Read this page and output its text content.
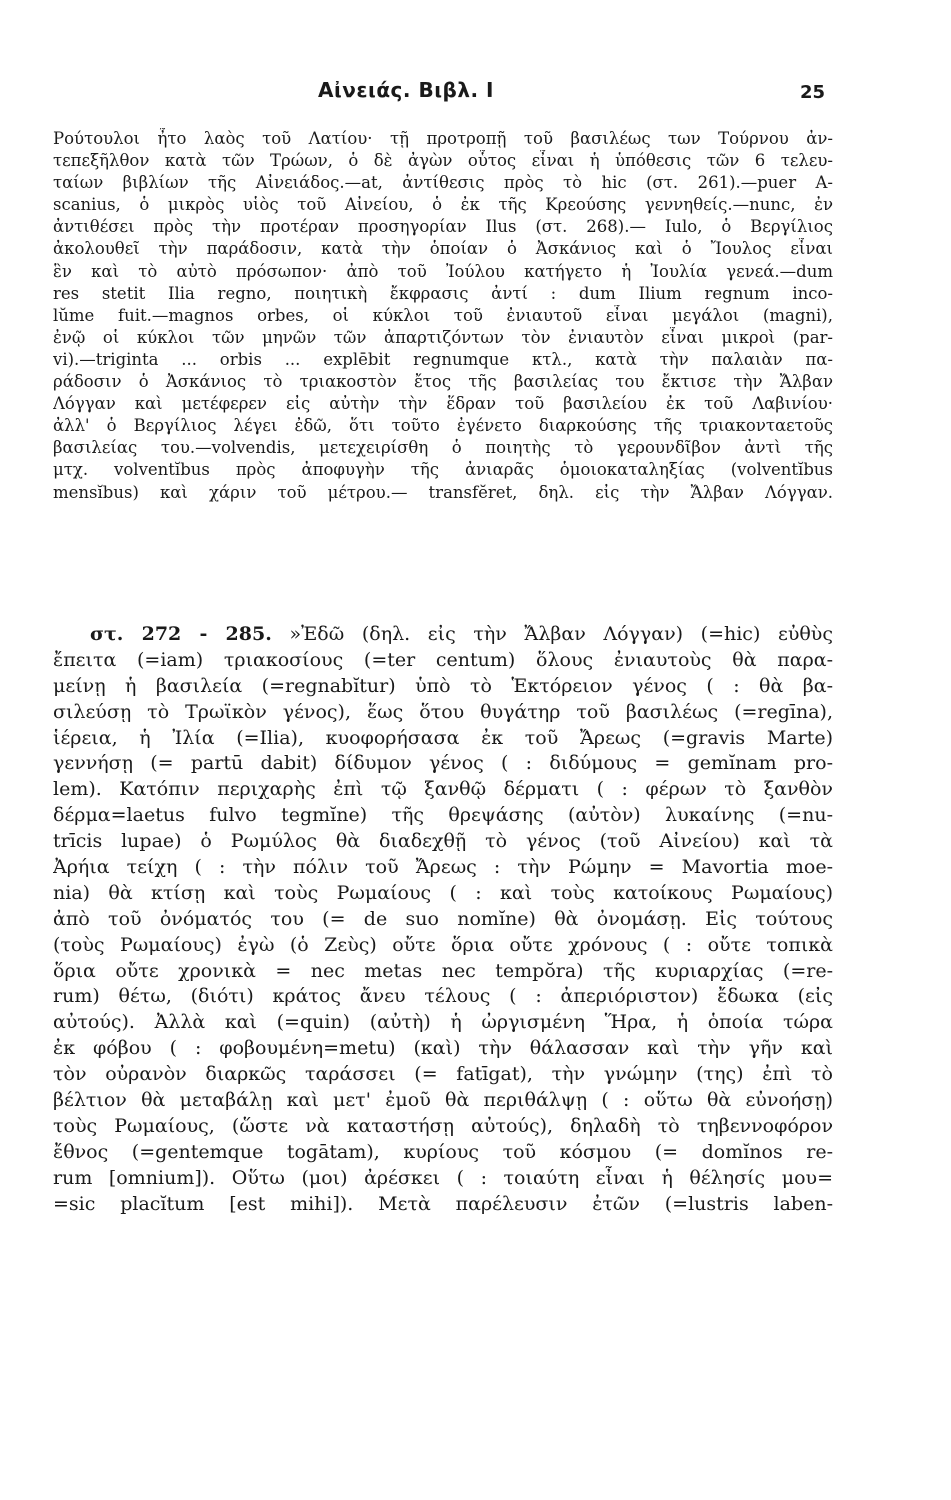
Αἰνειάς. Βιβλ. Ι	25
Ρούτουλοι ἦτο λαὸς τοῦ Λατίου· τῇ προτροπῇ τοῦ βασιλέως των Τούρνου ἀν-
τεπεξῆλθον κατὰ τῶν Τρώων, ὁ δὲ ἀγὼν οὗτος εἶναι ἡ ὑπόθεσις τῶν 6 τελευ-
ταίων βιβλίων τῆς Αἰνειάδος.—at, ἀντίθεσις πρὸς τὸ hic (στ. 261).—puer A-
scanius, ὁ μικρὸς υἱὸς τοῦ Αἰνείου, ὁ ἐκ τῆς Κρεούσης γεννηθείς.—nunc, ἐν
ἀντιθέσει πρὸς τὴν προτέραν προσηγορίαν Ilus (στ. 268).— Iulo, ὁ Βεργίλιος
ἀκολουθεῖ τὴν παράδοσιν, κατὰ τὴν ὁποίαν ὁ Ἀσκάνιος καὶ ὁ Ἴουλος εἶναι
ἓν καὶ τὸ αὐτὸ πρόσωπον· ἀπὸ τοῦ Ἰούλου κατήγετο ἡ Ἰουλία γενεά.—dum
res stetit Ilia regno, ποιητικὴ ἔκφρασις ἀντί : dum Ilium regnum inco-
lŭme fuit.—magnos orbes, οἱ κύκλοι τοῦ ἐνιαυτοῦ εἶναι μεγάλοι (magni),
ἐνῷ οἱ κύκλοι τῶν μηνῶν τῶν ἀπαρτιζόντων τὸν ἐνιαυτὸν εἶναι μικροὶ (par-
vi).—triginta ... orbis ... explēbit regnumque κτλ., κατὰ τὴν παλαιὰν πα-
ράδοσιν ὁ Ἀσκάνιος τὸ τριακοστὸν ἔτος τῆς βασιλείας του ἔκτισε τὴν Ἄλβαν
Λόγγαν καὶ μετέφερεν εἰς αὐτὴν τὴν ἕδραν τοῦ βασιλείου ἐκ τοῦ Λαβινίου·
ἀλλ' ὁ Βεργίλιος λέγει ἐδῶ, ὅτι τοῦτο ἐγένετο διαρκούσης τῆς τριακονταετοῦς
βασιλείας του.—volvendis, μετεχειρίσθη ὁ ποιητὴς τὸ γερουνδῖβον ἀντὶ τῆς
μτχ. volventĭbus πρὸς ἀποφυγὴν τῆς ἀνιαρᾶς ὁμοιοκαταληξίας (volventĭbus
mensĭbus) καὶ χάριν τοῦ μέτρου.— transfĕret, δηλ. εἰς τὴν Ἄλβαν Λόγγαν.
στ. 272 - 285. »Ἐδῶ (δηλ. εἰς τὴν Ἄλβαν Λόγγαν) (=hic) εὐθὺς
ἔπειτα (=iam) τριακοσίους (=ter centum) ὅλους ἐνιαυτοὺς θὰ παρα-
μείνῃ ἡ βασιλεία (=regnabĭtur) ὑπὸ τὸ Ἑκτόρειον γένος ( : θὰ βα-
σιλεύσῃ τὸ Τρωϊκὸν γένος), ἕως ὅτου θυγάτηρ τοῦ βασιλέως (=regīna),
ἱέρεια, ἡ Ἰλία (=Ilia), κυοφορήσασα ἐκ τοῦ Ἄρεως (=gravis Marte)
γεννήσῃ (= partū dabit) δίδυμον γένος ( : διδύμους = gemĭnam pro-
lem). Κατόπιν περιχαρὴς ἐπὶ τῷ ξανθῷ δέρματι ( : φέρων τὸ ξανθὸν
δέρμα=laetus fulvo tegmĭne) τῆς θρεψάσης (αὐτὸν) λυκαίνης (=nu-
trīcis lupae) ὁ Ρωμύλος θὰ διαδεχθῇ τὸ γένος (τοῦ Αἰνείου) καὶ τὰ
Ἀρήια τείχη ( : τὴν πόλιν τοῦ Ἄρεως : τὴν Ρώμην = Mavortia moe-
nia) θὰ κτίσῃ καὶ τοὺς Ρωμαίους ( : καὶ τοὺς κατοίκους Ρωμαίους)
ἀπὸ τοῦ ὀνόματός του (= de suo nomĭne) θὰ ὀνομάσῃ. Εἰς τούτους
(τοὺς Ρωμαίους) ἐγὼ (ὁ Ζεὺς) οὔτε ὅρια οὔτε χρόνους ( : οὔτε τοπικὰ
ὅρια οὔτε χρονικὰ = nec metas nec tempŏra) τῆς κυριαρχίας (=re-
rum) θέτω, (διότι) κράτος ἄνευ τέλους ( : ἀπεριόριστον) ἔδωκα (εἰς
αὐτούς). Ἀλλὰ καὶ (=quin) (αὐτὴ) ἡ ὠργισμένη Ἥρα, ἡ ὁποία τώρα
ἐκ φόβου ( : φοβουμένη=metu) (καὶ) τὴν θάλασσαν καὶ τὴν γῆν καὶ
τὸν οὐρανὸν διαρκῶς ταράσσει (= fatīgat), τὴν γνώμην (της) ἐπὶ τὸ
βέλτιον θὰ μεταβάλῃ καὶ μετ' ἐμοῦ θὰ περιθάλψῃ ( : οὕτω θὰ εὐνοήσῃ)
τοὺς Ρωμαίους, (ὥστε νὰ καταστήσῃ αὐτούς), δηλαδὴ τὸ τηβεννοφόρον
ἔθνος (=gentemque togātam), κυρίους τοῦ κόσμου (= domĭnos re-
rum [omnium]). Οὕτω (μοι) ἀρέσκει ( : τοιαύτη εἶναι ἡ θέλησίς μου=
=sic placĭtum [est mihi]). Μετὰ παρέλευσιν ἐτῶν (=lustris laben-
